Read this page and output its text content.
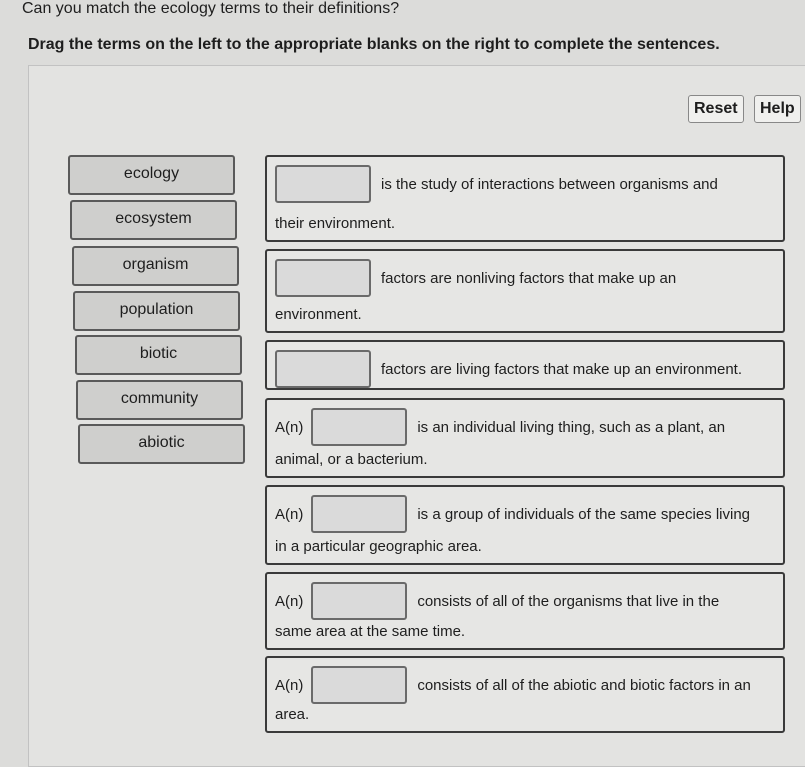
Can you match the ecology terms to their definitions?
Drag the terms on the left to the appropriate blanks on the right to complete the sentences.
Reset	Help
ecology
ecosystem
organism
population
biotic
community
abiotic
is the study of interactions between organisms and
their environment.
factors are nonliving factors that make up an
environment.
factors are living factors that make up an environment.
A(n)	is an individual living thing, such as a plant, an
animal, or a bacterium.
A(n)	is a group of individuals of the same species living
in a particular geographic area.
A(n)	consists of all of the organisms that live in the
same area at the same time.
A(n)	consists of all of the abiotic and biotic factors in an
area.
